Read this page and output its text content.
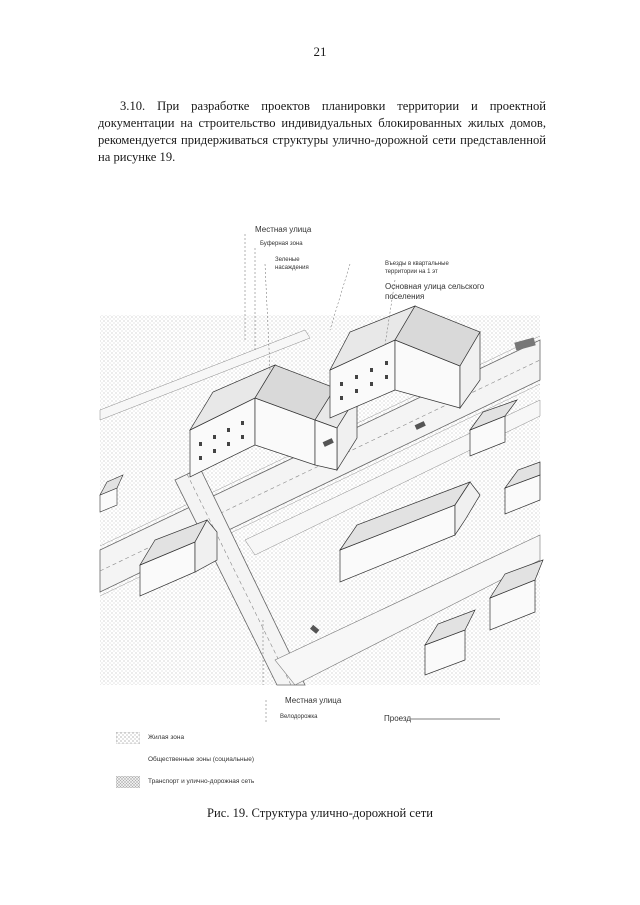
21

3.10. При разработке проектов планировки территории и проектной документации на строительство индивидуальных блокированных жилых домов, рекомендуется придерживаться структуры улично-дорожной сети представленной на рисунке 19.

Местная улица
Буферная зона
Зеленые насаждения
Въезды в квартальные территории на 1 эт
Основная улица сельского поселения
Местная улица
Велодорожка	Проезд
Жилая зона
Общественные зоны (социальные)
Транспорт и улично-дорожная сеть
Рис. 19. Структура улично-дорожной сети
